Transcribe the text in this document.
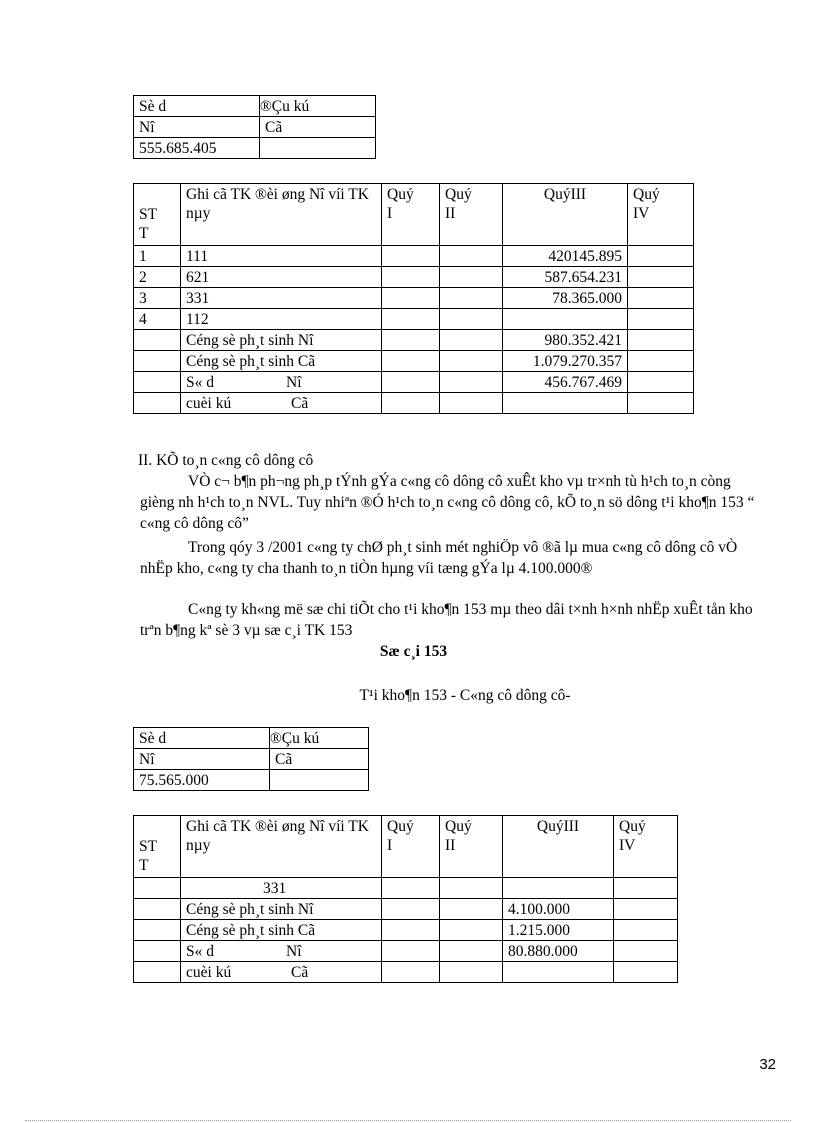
Sè d	®Çu kú
Nî	Cã
555.685.405	
ST T	Ghi cã TK ®èi øng Nî víi TK nµy	Quý I	Quý II	QuýIII	Quý IV
1	111			420145.895	
2	621			587.654.231	
3	331			78.365.000	
4	112				
	Céng sè ph¸t sinh Nî			980.352.421	
	Céng sè ph¸t sinh Cã			1.079.270.357	
	S« d Nî			456.767.469	
	cuèi kú Cã				

II. KÕ to¸n c«ng cô dông cô

VÒ c¬ b¶n ph¬ng ph¸p tÝnh gÝa c«ng cô dông cô xuÊt kho vµ tr×nh tù h¹ch to¸n còng gièng nh h¹ch to¸n NVL. Tuy nhiªn ®Ó h¹ch to¸n c«ng cô dông cô, kÕ to¸n sö dông t¹i kho¶n 153 “ c«ng cô dông cô”

Trong qóy 3 /2001 c«ng ty chØ ph¸t sinh mét nghiÖp vô ®ã lµ mua c«ng cô dông cô vÒ nhËp kho, c«ng ty cha thanh to¸n tiÒn hµng víi tæng gÝa lµ 4.100.000®

C«ng ty kh«ng më sæ chi tiÕt cho t¹i kho¶n 153 mµ theo dâi t×nh h×nh nhËp xuÊt tån kho trªn b¶ng kª sè 3 vµ sæ c¸i TK 153

Sæ c¸i 153

T¹i kho¶n 153 - C«ng cô dông cô-

Sè d	®Çu kú
Nî	Cã
75.565.000	
ST T	Ghi cã TK ®èi øng Nî víi TK nµy	Quý I	Quý II	QuýIII	Quý IV
	331				
	Céng sè ph¸t sinh Nî			4.100.000	
	Céng sè ph¸t sinh Cã			1.215.000	
	S« d Nî			80.880.000	
	cuèi kú Cã				
32
